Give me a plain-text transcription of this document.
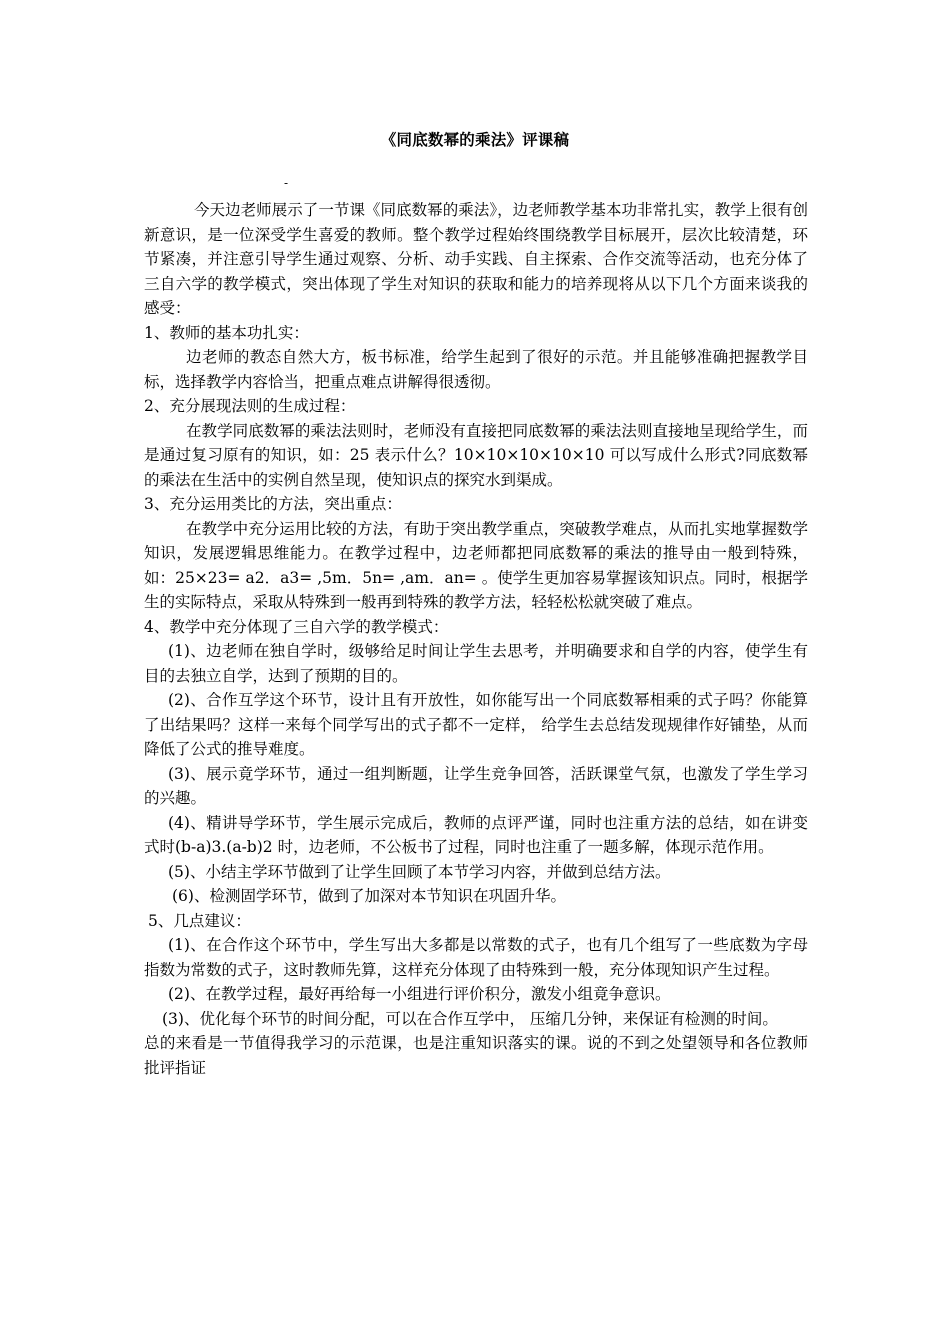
《同底数幂的乘法》评课稿
-

今天边老师展示了一节课《同底数幂的乘法》，边老师教学基本功非常扎实，教学上很有创新意识，是一位深受学生喜爱的教师。整个教学过程始终围绕教学目标展开，层次比较清楚，环节紧凑，并注意引导学生通过观察、分析、动手实践、自主探索、合作交流等活动，也充分体了三自六学的教学模式，突出体现了学生对知识的获取和能力的培养现将从以下几个方面来谈我的感受：

1、教师的基本功扎实：

边老师的教态自然大方，板书标准，给学生起到了很好的示范。并且能够准确把握教学目标，选择教学内容恰当，把重点难点讲解得很透彻。

2、充分展现法则的生成过程：

在教学同底数幂的乘法法则时，老师没有直接把同底数幂的乘法法则直接地呈现给学生，而是通过复习原有的知识，如：25 表示什么？10×10×10×10×10 可以写成什么形式?同底数幂的乘法在生活中的实例自然呈现，使知识点的探究水到渠成。

3、充分运用类比的方法，突出重点：

在教学中充分运用比较的方法，有助于突出教学重点，突破教学难点，从而扎实地掌握数学知识，发展逻辑思维能力。在教学过程中，边老师都把同底数幂的乘法的推导由一般到特殊，如：25×23= a2．a3= ,5m．5n= ,am．an= 。使学生更加容易掌握该知识点。同时，根据学生的实际特点，采取从特殊到一般再到特殊的教学方法，轻轻松松就突破了难点。

4、教学中充分体现了三自六学的教学模式：

(1)、边老师在独自学时，级够给足时间让学生去思考，并明确要求和自学的内容，使学生有目的去独立自学，达到了预期的目的。

(2)、合作互学这个环节，设计且有开放性，如你能写出一个同底数幂相乘的式子吗？你能算了出结果吗？这样一来每个同学写出的式子都不一定样， 给学生去总结发现规律作好铺垫，从而降低了公式的推导难度。

(3)、展示竟学环节，通过一组判断题，让学生竞争回答，活跃课堂气氛，也激发了学生学习的兴趣。

(4)、精讲导学环节，学生展示完成后，教师的点评严谨，同时也注重方法的总结，如在讲变式时(b-a)3.(a-b)2 时，边老师，不公板书了过程，同时也注重了一题多解，体现示范作用。

(5)、小结主学环节做到了让学生回顾了本节学习内容，并做到总结方法。

(6)、检测固学环节，做到了加深对本节知识在巩固升华。

5、几点建议：

(1)、在合作这个环节中，学生写出大多都是以常数的式子，也有几个组写了一些底数为字母指数为常数的式子，这时教师先算，这样充分体现了由特殊到一般，充分体现知识产生过程。

(2)、在教学过程，最好再给每一小组进行评价积分，激发小组竟争意识。

(3)、优化每个环节的时间分配，可以在合作互学中， 压缩几分钟，来保证有检测的时间。

总的来看是一节值得我学习的示范课，也是注重知识落实的课。说的不到之处望领导和各位教师批评指证
